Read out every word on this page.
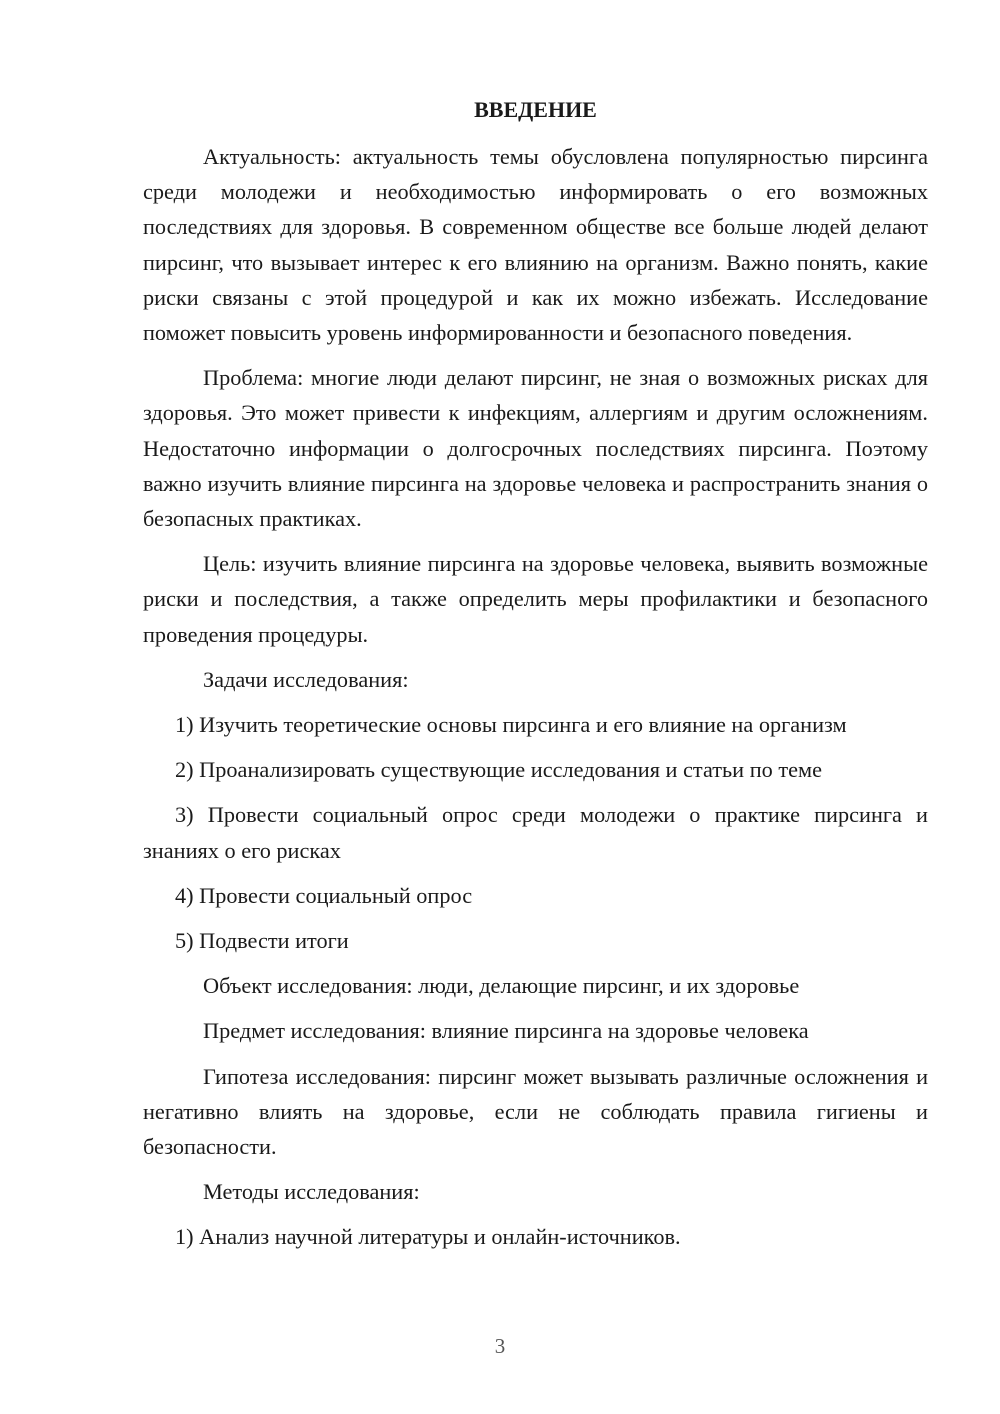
ВВЕДЕНИЕ

Актуальность: актуальность темы обусловлена популярностью пирсинга среди молодежи и необходимостью информировать о его возможных последствиях для здоровья. В современном обществе все больше людей делают пирсинг, что вызывает интерес к его влиянию на организм. Важно понять, какие риски связаны с этой процедурой и как их можно избежать. Исследование поможет повысить уровень информированности и безопасного поведения.

Проблема: многие люди делают пирсинг, не зная о возможных рисках для здоровья. Это может привести к инфекциям, аллергиям и другим осложнениям. Недостаточно информации о долгосрочных последствиях пирсинга. Поэтому важно изучить влияние пирсинга на здоровье человека и распространить знания о безопасных практиках.

Цель: изучить влияние пирсинга на здоровье человека, выявить возможные риски и последствия, а также определить меры профилактики и безопасного проведения процедуры.

Задачи исследования:

1) Изучить теоретические основы пирсинга и его влияние на организм

2) Проанализировать существующие исследования и статьи по теме

3) Провести социальный опрос среди молодежи о практике пирсинга и знаниях о его рисках

4) Провести социальный опрос

5) Подвести итоги

Объект исследования: люди, делающие пирсинг, и их здоровье

Предмет исследования: влияние пирсинга на здоровье человека

Гипотеза исследования: пирсинг может вызывать различные осложнения и негативно влиять на здоровье, если не соблюдать правила гигиены и безопасности.

Методы исследования:

1) Анализ научной литературы и онлайн-источников.

3
